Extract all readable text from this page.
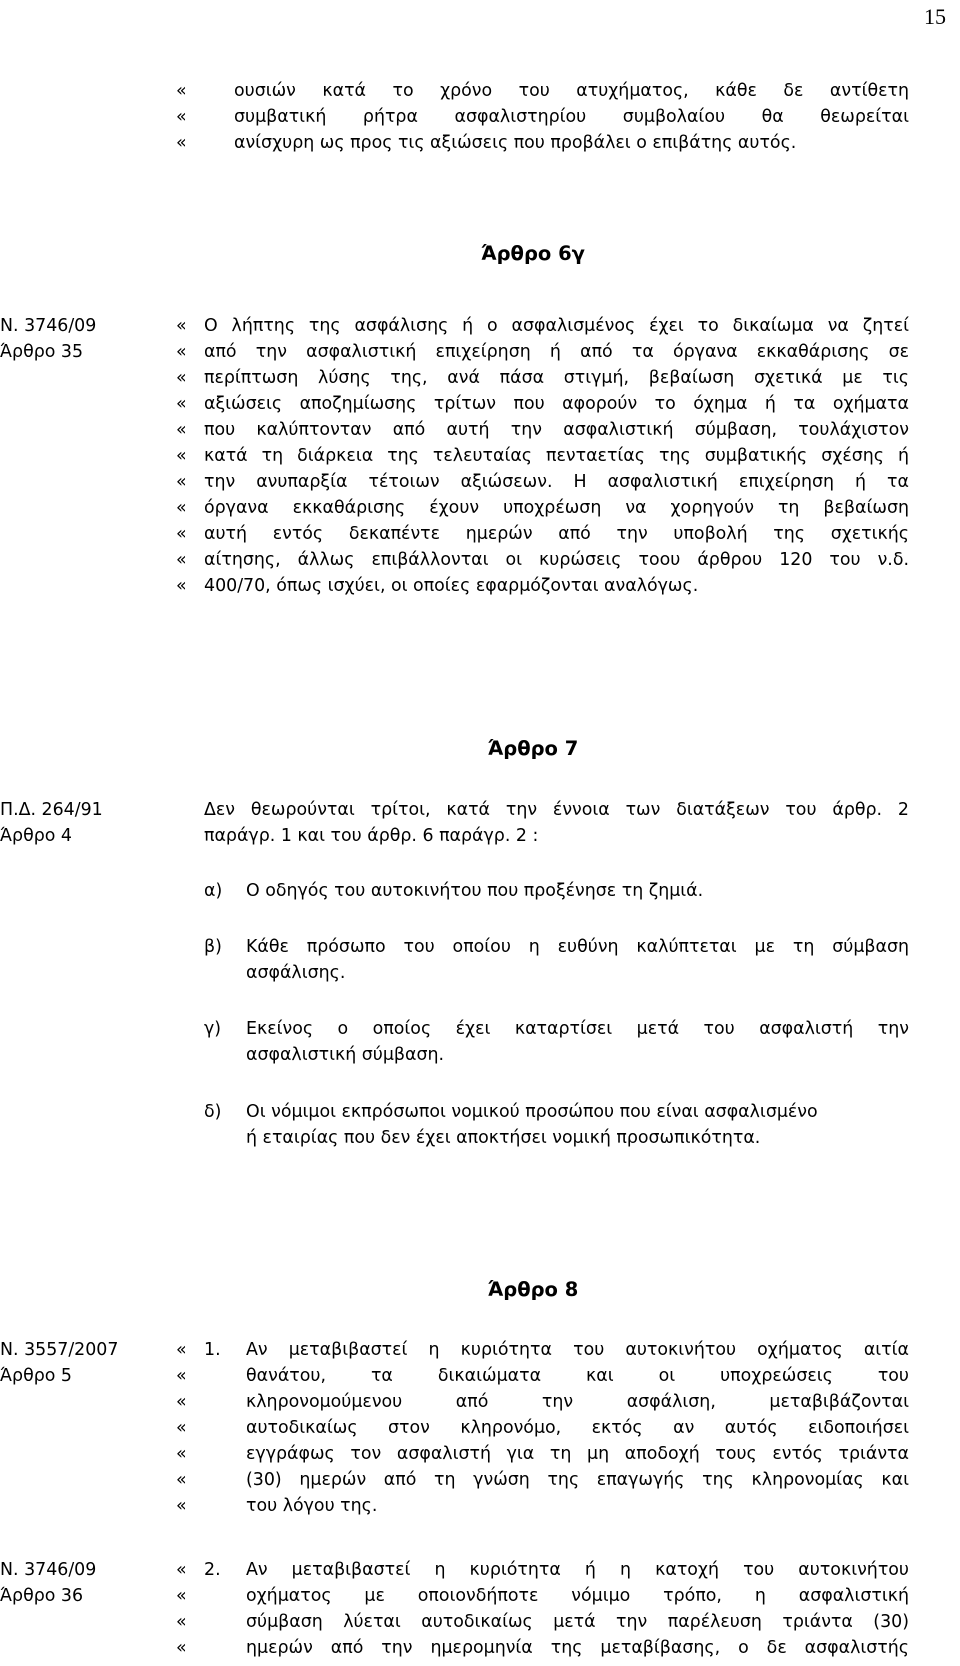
15
«
«
«
ουσιών κατά το χρόνο του ατυχήματος, κάθε δε αντίθετη
συμβατική ρήτρα ασφαλιστηρίου συμβολαίου θα θεωρείται
ανίσχυρη ως προς τις αξιώσεις που προβάλει ο επιβάτης αυτός.
Άρθρο 6γ
Ν. 3746/09
Άρθρο 35
«
«
«
«
«
«
«
«
«
«
«
Ο λήπτης της ασφάλισης ή ο ασφαλισμένος έχει το δικαίωμα να ζητεί
από την ασφαλιστική επιχείρηση ή από τα όργανα εκκαθάρισης σε
περίπτωση λύσης της, ανά πάσα στιγμή, βεβαίωση σχετικά με τις
αξιώσεις αποζημίωσης τρίτων που αφορούν το όχημα ή τα οχήματα
που καλύπτονταν από αυτή την ασφαλιστική σύμβαση, τουλάχιστον
κατά τη διάρκεια της τελευταίας πενταετίας της συμβατικής σχέσης ή
την ανυπαρξία τέτοιων αξιώσεων. Η ασφαλιστική επιχείρηση ή τα
όργανα εκκαθάρισης έχουν υποχρέωση να χορηγούν τη βεβαίωση
αυτή εντός δεκαπέντε ημερών από την υποβολή της σχετικής
αίτησης, άλλως επιβάλλονται οι κυρώσεις τοου άρθρου 120 του ν.δ.
400/70, όπως ισχύει, οι οποίες εφαρμόζονται αναλόγως.
Άρθρο 7
Π.Δ. 264/91
Άρθρο 4
Δεν θεωρούνται τρίτοι, κατά την έννοια των διατάξεων του άρθρ. 2
παράγρ. 1 και του άρθρ. 6 παράγρ. 2 :
α) Ο οδηγός του αυτοκινήτου που προξένησε τη ζημιά.
β) Κάθε πρόσωπο του οποίου η ευθύνη καλύπτεται με τη σύμβαση
ασφάλισης.
γ) Εκείνος ο οποίος έχει καταρτίσει μετά του ασφαλιστή την
ασφαλιστική σύμβαση.
δ) Οι νόμιμοι εκπρόσωποι νομικού προσώπου που είναι ασφαλισμένο
ή εταιρίας που δεν έχει αποκτήσει νομική προσωπικότητα.
Άρθρο 8
Ν. 3557/2007
Άρθρο 5
«
«
«
«
«
«
«
1. Αν μεταβιβαστεί η κυριότητα του αυτοκινήτου οχήματος αιτία
θανάτου, τα δικαιώματα και οι υποχρεώσεις του
κληρονομούμενου από την ασφάλιση, μεταβιβάζονται
αυτοδικαίως στον κληρονόμο, εκτός αν αυτός ειδοποιήσει
εγγράφως τον ασφαλιστή για τη μη αποδοχή τους εντός τριάντα
(30) ημερών από τη γνώση της επαγωγής της κληρονομίας και
του λόγου της.
Ν. 3746/09
Άρθρο 36
«
«
«
«
2. Αν μεταβιβαστεί η κυριότητα ή η κατοχή του αυτοκινήτου
οχήματος με οποιονδήποτε νόμιμο τρόπο, η ασφαλιστική
σύμβαση λύεται αυτοδικαίως μετά την παρέλευση τριάντα (30)
ημερών από την ημερομηνία της μεταβίβασης, ο δε ασφαλιστής
